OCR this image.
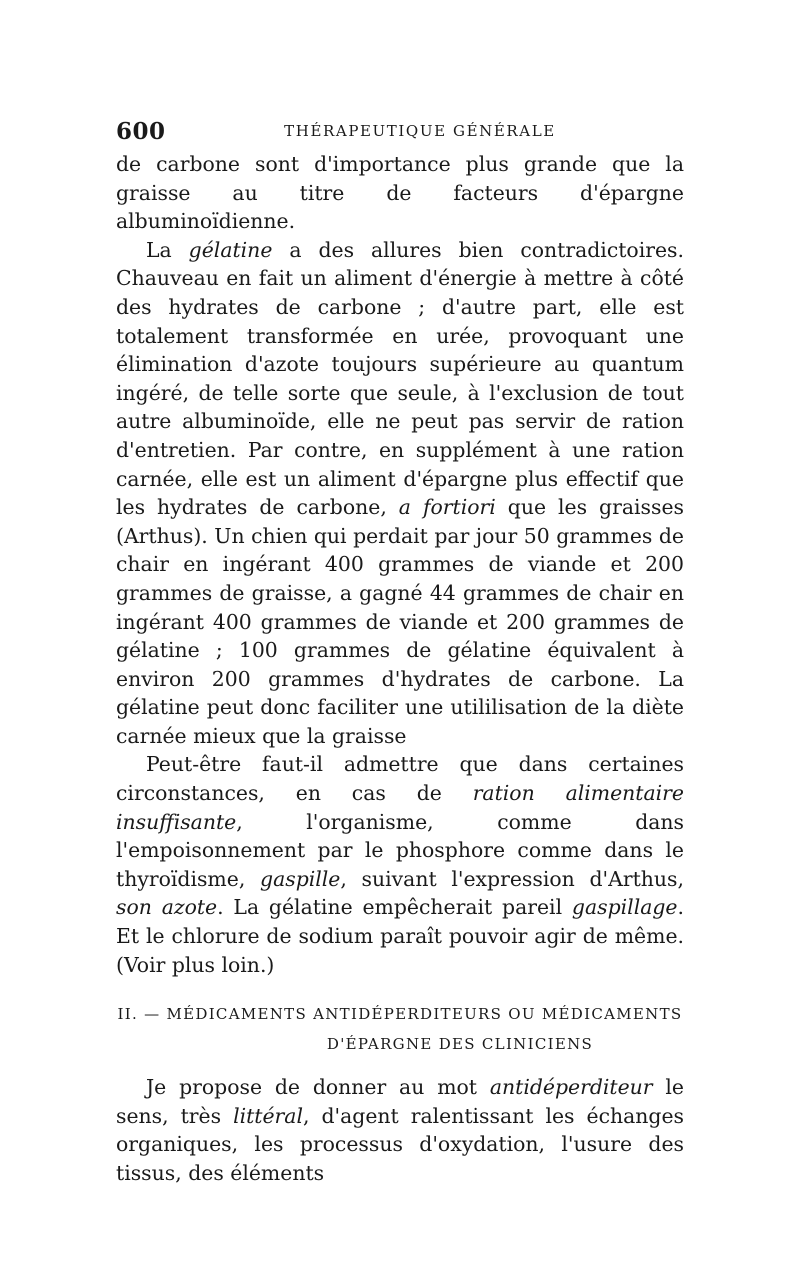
600	THÉRAPEUTIQUE GÉNÉRALE

de carbone sont d'importance plus grande que la graisse au titre de facteurs d'épargne albuminoïdienne.

La gélatine a des allures bien contradictoires. Chauveau en fait un aliment d'énergie à mettre à côté des hydrates de carbone ; d'autre part, elle est totalement transformée en urée, provoquant une élimination d'azote toujours supérieure au quantum ingéré, de telle sorte que seule, à l'exclusion de tout autre albuminoïde, elle ne peut pas servir de ration d'entretien. Par contre, en supplément à une ration carnée, elle est un aliment d'épargne plus effectif que les hydrates de carbone, a fortiori que les graisses (Arthus). Un chien qui perdait par jour 50 grammes de chair en ingérant 400 grammes de viande et 200 grammes de graisse, a gagné 44 grammes de chair en ingérant 400 grammes de viande et 200 grammes de gélatine ; 100 grammes de gélatine équivalent à environ 200 grammes d'hydrates de carbone. La gélatine peut donc faciliter une utililisation de la diète carnée mieux que la graisse

Peut-être faut-il admettre que dans certaines circonstances, en cas de ration alimentaire insuffisante, l'organisme, comme dans l'empoisonnement par le phosphore comme dans le thyroïdisme, gaspille, suivant l'expression d'Arthus, son azote. La gélatine empêcherait pareil gaspillage. Et le chlorure de sodium paraît pouvoir agir de même. (Voir plus loin.)

II. — MÉDICAMENTS ANTIDÉPERDITEURS OU MÉDICAMENTS
D'ÉPARGNE DES CLINICIENS

Je propose de donner au mot antidéperditeur le sens, très littéral, d'agent ralentissant les échanges organiques, les processus d'oxydation, l'usure des tissus, des éléments
